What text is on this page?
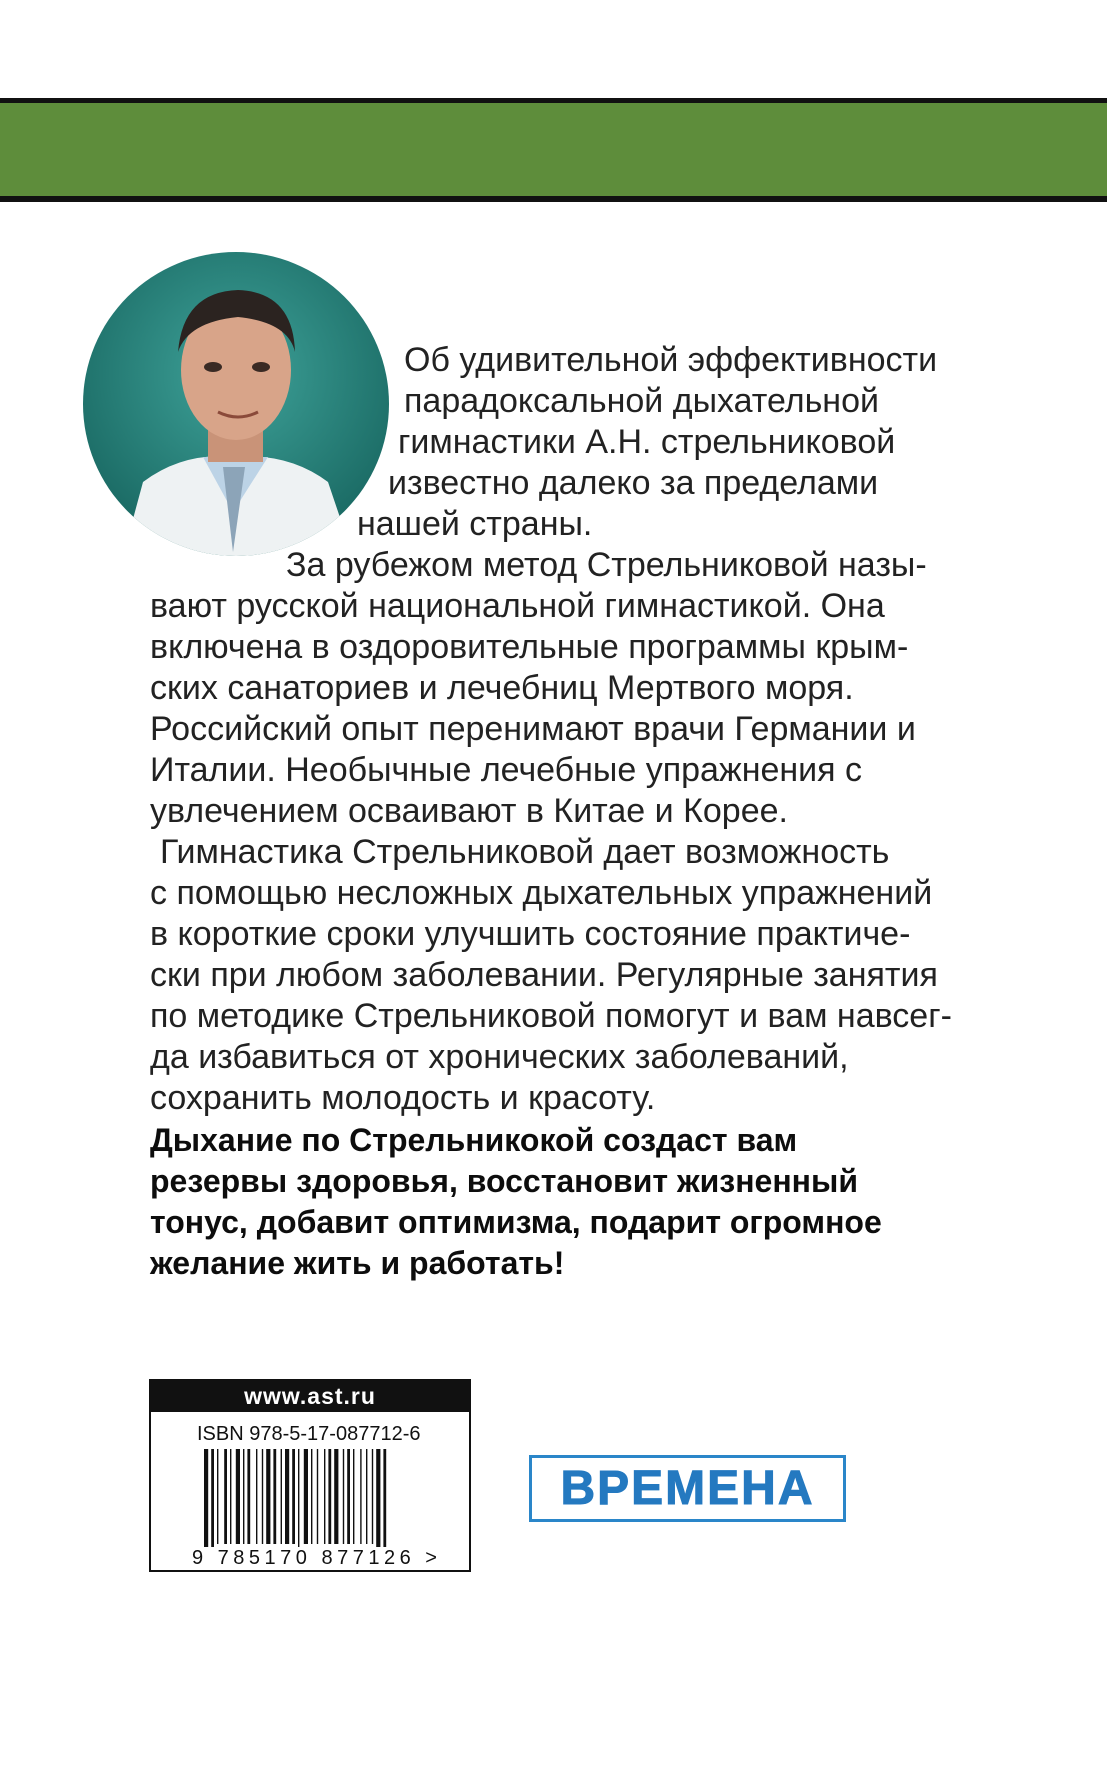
Об удивительной эффективности
парадоксальной дыхательной
гимнастики А.Н. стрельниковой
известно далеко за пределами
нашей страны.
За рубежом метод Стрельниковой назы-
вают русской национальной гимнастикой. Она
включена в оздоровительные программы крым-
ских санаториев и лечебниц Мертвого моря.
Российский опыт перенимают врачи Германии и
Италии. Необычные лечебные упражнения с
увлечением осваивают в Китае и Корее.
Гимнастика Стрельниковой дает возможность
с помощью несложных дыхательных упражнений
в короткие сроки улучшить состояние практиче-
ски при любом заболевании. Регулярные занятия
по методике Стрельниковой помогут и вам навсег-
да избавиться от хронических заболеваний,
сохранить молодость и красоту.
Дыхание по Стрельникокой создаст вам
резервы здоровья, восстановит жизненный
тонус, добавит оптимизма, подарит огромное
желание жить и работать!
www.ast.ru
ISBN 978-5-17-087712-6
9 785170 877126 >
ВРЕМЕНА
